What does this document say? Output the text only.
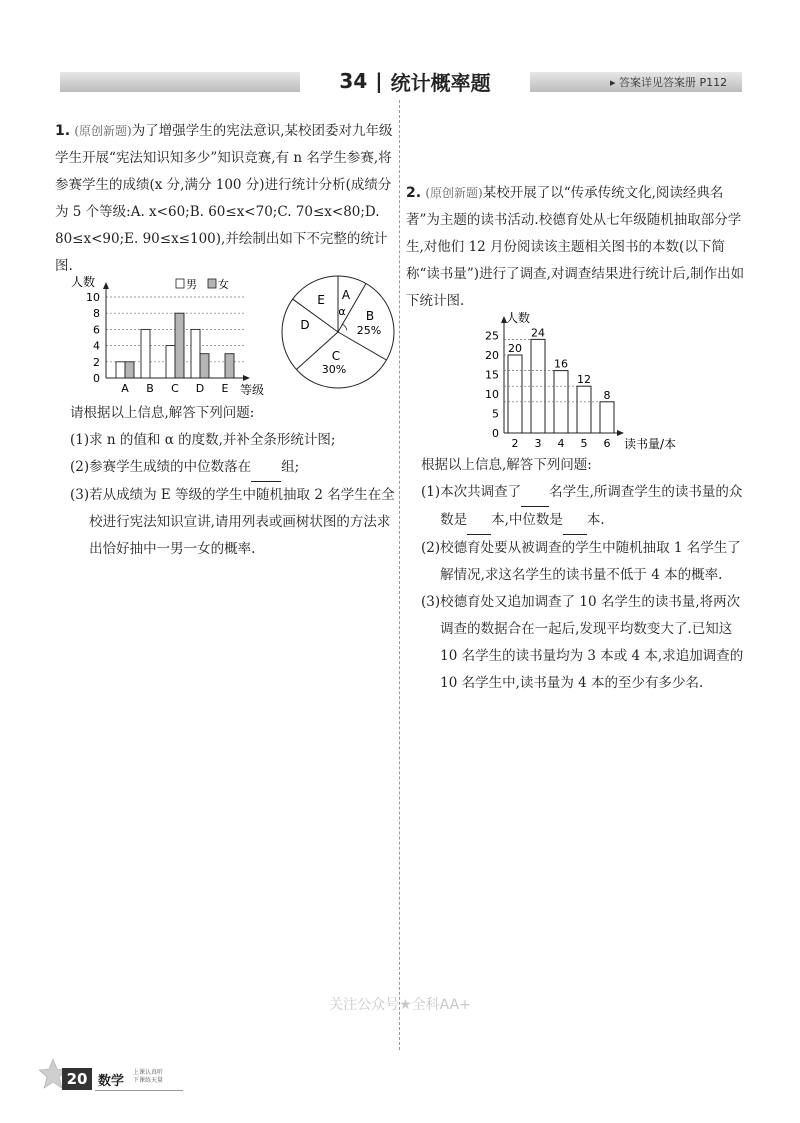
34 | 统计概率题	▸ 答案详见答案册 P112

1. (原创新题)为了增强学生的宪法意识,某校团委对九年级学生开展“宪法知识知多少”知识竞赛,有 n 名学生参赛,将参赛学生的成绩(x 分,满分 100 分)进行统计分析(成绩分为 5 个等级:A. x<60;B. 60≤x<70;C. 70≤x<80;D. 80≤x<90;E. 90≤x≤100),并绘制出如下不完整的统计图.

0
2
4
6
8
10
人数
等级
男 女
A B C D E
A
B
C
D
E
α
25%
30%

请根据以上信息,解答下列问题:

(1) 求 n 的值和 α 的度数,并补全条形统计图;
(2) 参赛学生成绩的中位数落在 组;
(3) 若从成绩为 E 等级的学生中随机抽取 2 名学生在全校进行宪法知识宣讲,请用列表或画树状图的方法求出恰好抽中一男一女的概率.

2. (原创新题)某校开展了以“传承传统文化,阅读经典名著”为主题的读书活动.校德育处从七年级随机抽取部分学生,对他们 12 月份阅读该主题相关图书的本数(以下简称“读书量”)进行了调查,对调查结果进行统计后,制作出如下统计图.

0
5
10
15
20
25
人数
读书量/本
20
2
24
3
16
4
12
5
8
6

根据以上信息,解答下列问题:

(1) 本次共调查了 名学生,所调查学生的读书量的众数是 本,中位数是 本.
(2) 校德育处要从被调查的学生中随机抽取 1 名学生了解情况,求这名学生的读书量不低于 4 本的概率.
(3) 校德育处又追加调查了 10 名学生的读书量,将两次调查的数据合在一起后,发现平均数变大了.已知这 10 名学生的读书量均为 3 本或 4 本,求追加调查的 10 名学生中,读书量为 4 本的至少有多少名.
关注公众号★全科AA+
20 数学
上课认真听
下课练天量
